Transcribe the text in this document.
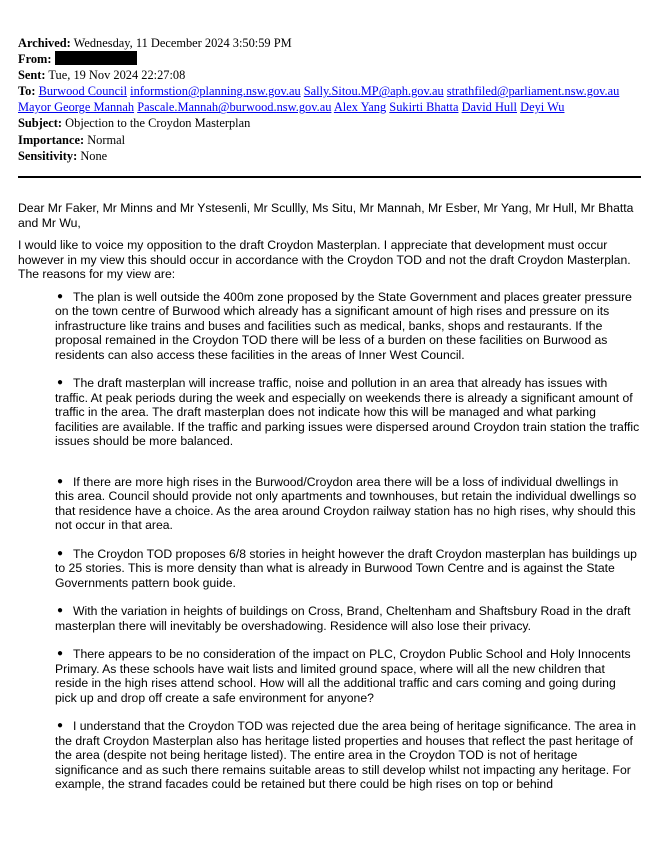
Archived: Wednesday, 11 December 2024 3:50:59 PM
From:
Sent: Tue, 19 Nov 2024 22:27:08
To: Burwood Council informstion@planning.nsw.gov.au Sally.Sitou.MP@aph.gov.au strathfiled@parliament.nsw.gov.au Mayor George Mannah Pascale.Mannah@burwood.nsw.gov.au Alex Yang Sukirti Bhatta David Hull Deyi Wu
Subject: Objection to the Croydon Masterplan
Importance: Normal
Sensitivity: None

Dear Mr Faker, Mr Minns and Mr Ystesenli, Mr Scullly, Ms Situ, Mr Mannah, Mr Esber, Mr Yang, Mr Hull, Mr Bhatta and Mr Wu,

I would like to voice my opposition to the draft Croydon Masterplan. I appreciate that development must occur however in my view this should occur in accordance with the Croydon TOD and not the draft Croydon Masterplan. The reasons for my view are:

● The plan is well outside the 400m zone proposed by the State Government and places greater pressure on the town centre of Burwood which already has a significant amount of high rises and pressure on its infrastructure like trains and buses and facilities such as medical, banks, shops and restaurants. If the proposal remained in the Croydon TOD there will be less of a burden on these facilities on Burwood as residents can also access these facilities in the areas of Inner West Council.
● The draft masterplan will increase traffic, noise and pollution in an area that already has issues with traffic. At peak periods during the week and especially on weekends there is already a significant amount of traffic in the area. The draft masterplan does not indicate how this will be managed and what parking facilities are available. If the traffic and parking issues were dispersed around Croydon train station the traffic issues should be more balanced.
● If there are more high rises in the Burwood/Croydon area there will be a loss of individual dwellings in this area. Council should provide not only apartments and townhouses, but retain the individual dwellings so that residence have a choice. As the area around Croydon railway station has no high rises, why should this not occur in that area.
● The Croydon TOD proposes 6/8 stories in height however the draft Croydon masterplan has buildings up to 25 stories. This is more density than what is already in Burwood Town Centre and is against the State Governments pattern book guide.
● With the variation in heights of buildings on Cross, Brand, Cheltenham and Shaftsbury Road in the draft masterplan there will inevitably be overshadowing. Residence will also lose their privacy.
● There appears to be no consideration of the impact on PLC, Croydon Public School and Holy Innocents Primary. As these schools have wait lists and limited ground space, where will all the new children that reside in the high rises attend school. How will all the additional traffic and cars coming and going during pick up and drop off create a safe environment for anyone?
● I understand that the Croydon TOD was rejected due the area being of heritage significance. The area in the draft Croydon Masterplan also has heritage listed properties and houses that reflect the past heritage of the area (despite not being heritage listed). The entire area in the Croydon TOD is not of heritage significance and as such there remains suitable areas to still develop whilst not impacting any heritage. For example, the strand facades could be retained but there could be high rises on top or behind
